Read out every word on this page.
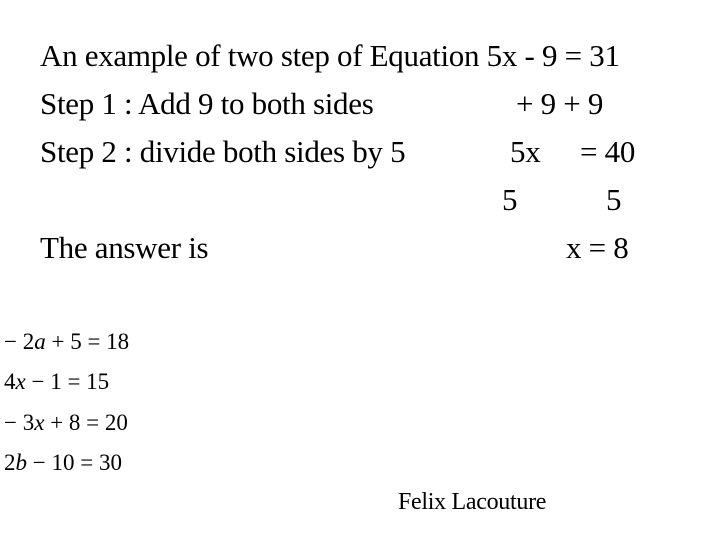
An example of two step of Equation 5x - 9 = 31
Step 1 : Add 9 to both sides	+ 9 + 9
Step 2 : divide both sides by 5	5x = 40
5	5
The answer is	x = 8
− 2a + 5 = 18
4x − 1 = 15
− 3x + 8 = 20
2b − 10 = 30
Felix Lacouture
